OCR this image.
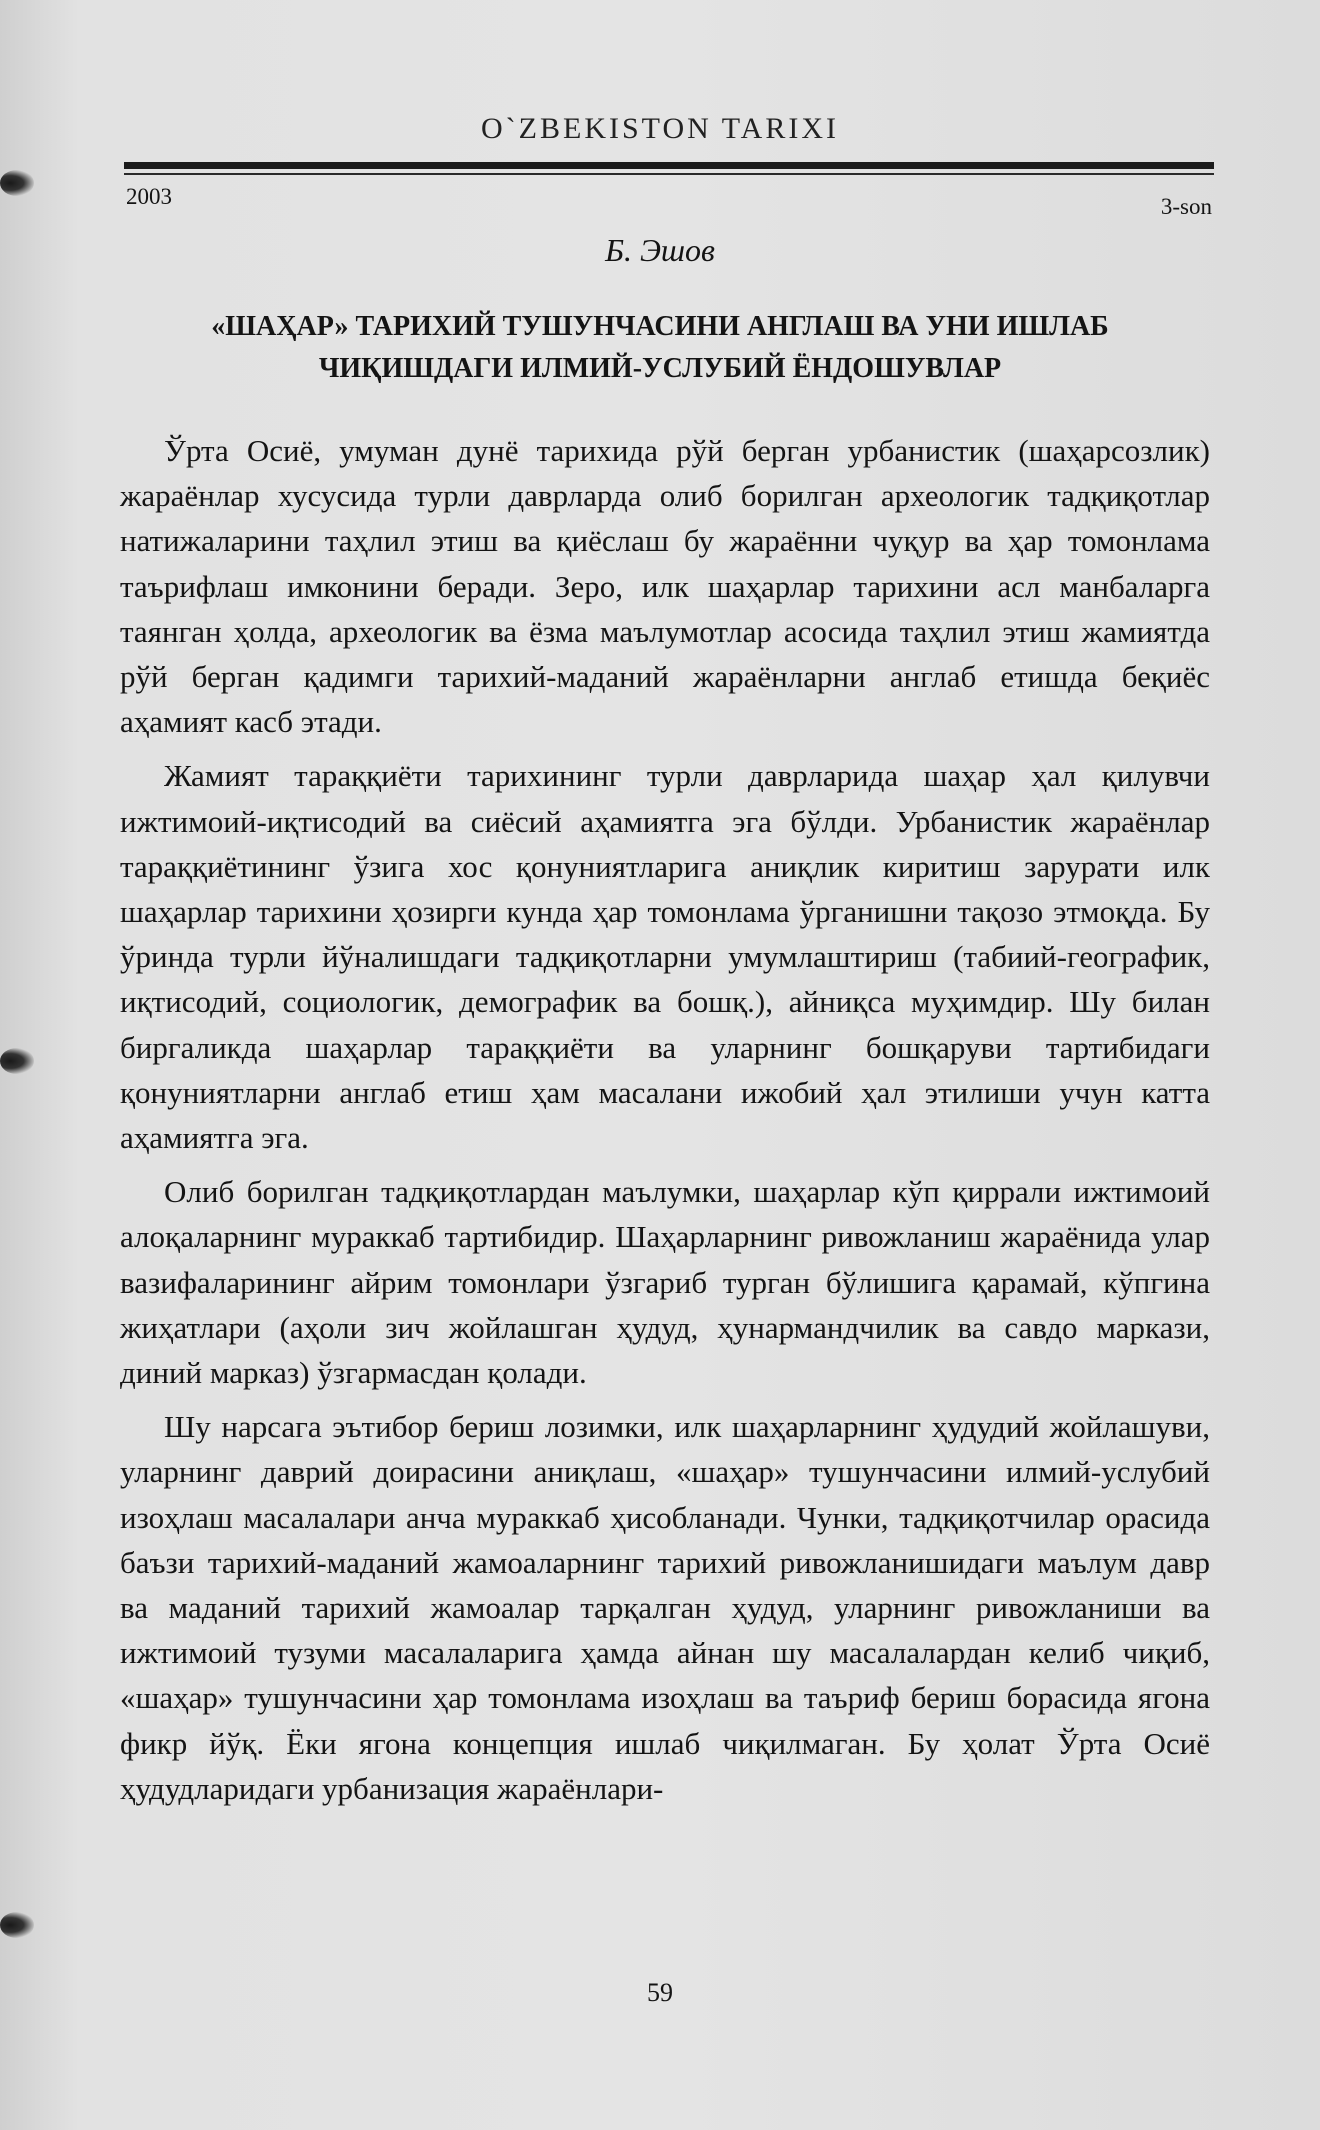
O`ZBEKISTON TARIXI
2003	3-son
Б. Эшов
«ШАҲАР» ТАРИХИЙ ТУШУНЧАСИНИ АНГЛАШ ВА УНИ ИШЛАБ
ЧИҚИШДАГИ ИЛМИЙ-УСЛУБИЙ ЁНДОШУВЛАР

Ўрта Осиё, умуман дунё тарихида рўй берган урбанистик (шаҳарсозлик) жараёнлар хусусида турли даврларда олиб борилган археологик тадқиқотлар натижаларини таҳлил этиш ва қиёслаш бу жараённи чуқур ва ҳар томонлама таърифлаш имконини беради. Зеро, илк шаҳарлар тарихини асл манбаларга таянган ҳолда, археологик ва ёзма маълумотлар асосида таҳлил этиш жамиятда рўй берган қадимги тарихий-маданий жараёнларни англаб етишда беқиёс аҳамият касб этади.

Жамият тараққиёти тарихининг турли даврларида шаҳар ҳал қилувчи ижтимоий-иқтисодий ва сиёсий аҳамиятга эга бўлди. Урбанистик жараёнлар тараққиётининг ўзига хос қонуниятларига аниқлик киритиш зарурати илк шаҳарлар тарихини ҳозирги кунда ҳар томонлама ўрганишни тақозо этмоқда. Бу ўринда турли йўналишдаги тадқиқотларни умумлаштириш (табиий-географик, иқтисодий, социологик, демографик ва бошқ.), айниқса муҳимдир. Шу билан биргаликда шаҳарлар тараққиёти ва уларнинг бошқаруви тартибидаги қонуниятларни англаб етиш ҳам масалани ижобий ҳал этилиши учун катта аҳамиятга эга.

Олиб борилган тадқиқотлардан маълумки, шаҳарлар кўп қиррали ижтимоий алоқаларнинг мураккаб тартибидир. Шаҳарларнинг ривожланиш жараёнида улар вазифаларининг айрим томонлари ўзгариб турган бўлишига қарамай, кўпгина жиҳатлари (аҳоли зич жойлашган ҳудуд, ҳунармандчилик ва савдо маркази, диний марказ) ўзгармасдан қолади.

Шу нарсага эътибор бериш лозимки, илк шаҳарларнинг ҳудудий жойлашуви, уларнинг даврий доирасини аниқлаш, «шаҳар» тушунчасини илмий-услубий изоҳлаш масалалари анча мураккаб ҳисобланади. Чунки, тадқиқотчилар орасида баъзи тарихий-маданий жамоаларнинг тарихий ривожланишидаги маълум давр ва маданий тарихий жамоалар тарқалган ҳудуд, уларнинг ривожланиши ва ижтимоий тузуми масалаларига ҳамда айнан шу масалалардан келиб чиқиб, «шаҳар» тушунчасини ҳар томонлама изоҳлаш ва таъриф бериш борасида ягона фикр йўқ. Ёки ягона концепция ишлаб чиқилмаган. Бу ҳолат Ўрта Осиё ҳудудларидаги урбанизация жараёнлари-

59
